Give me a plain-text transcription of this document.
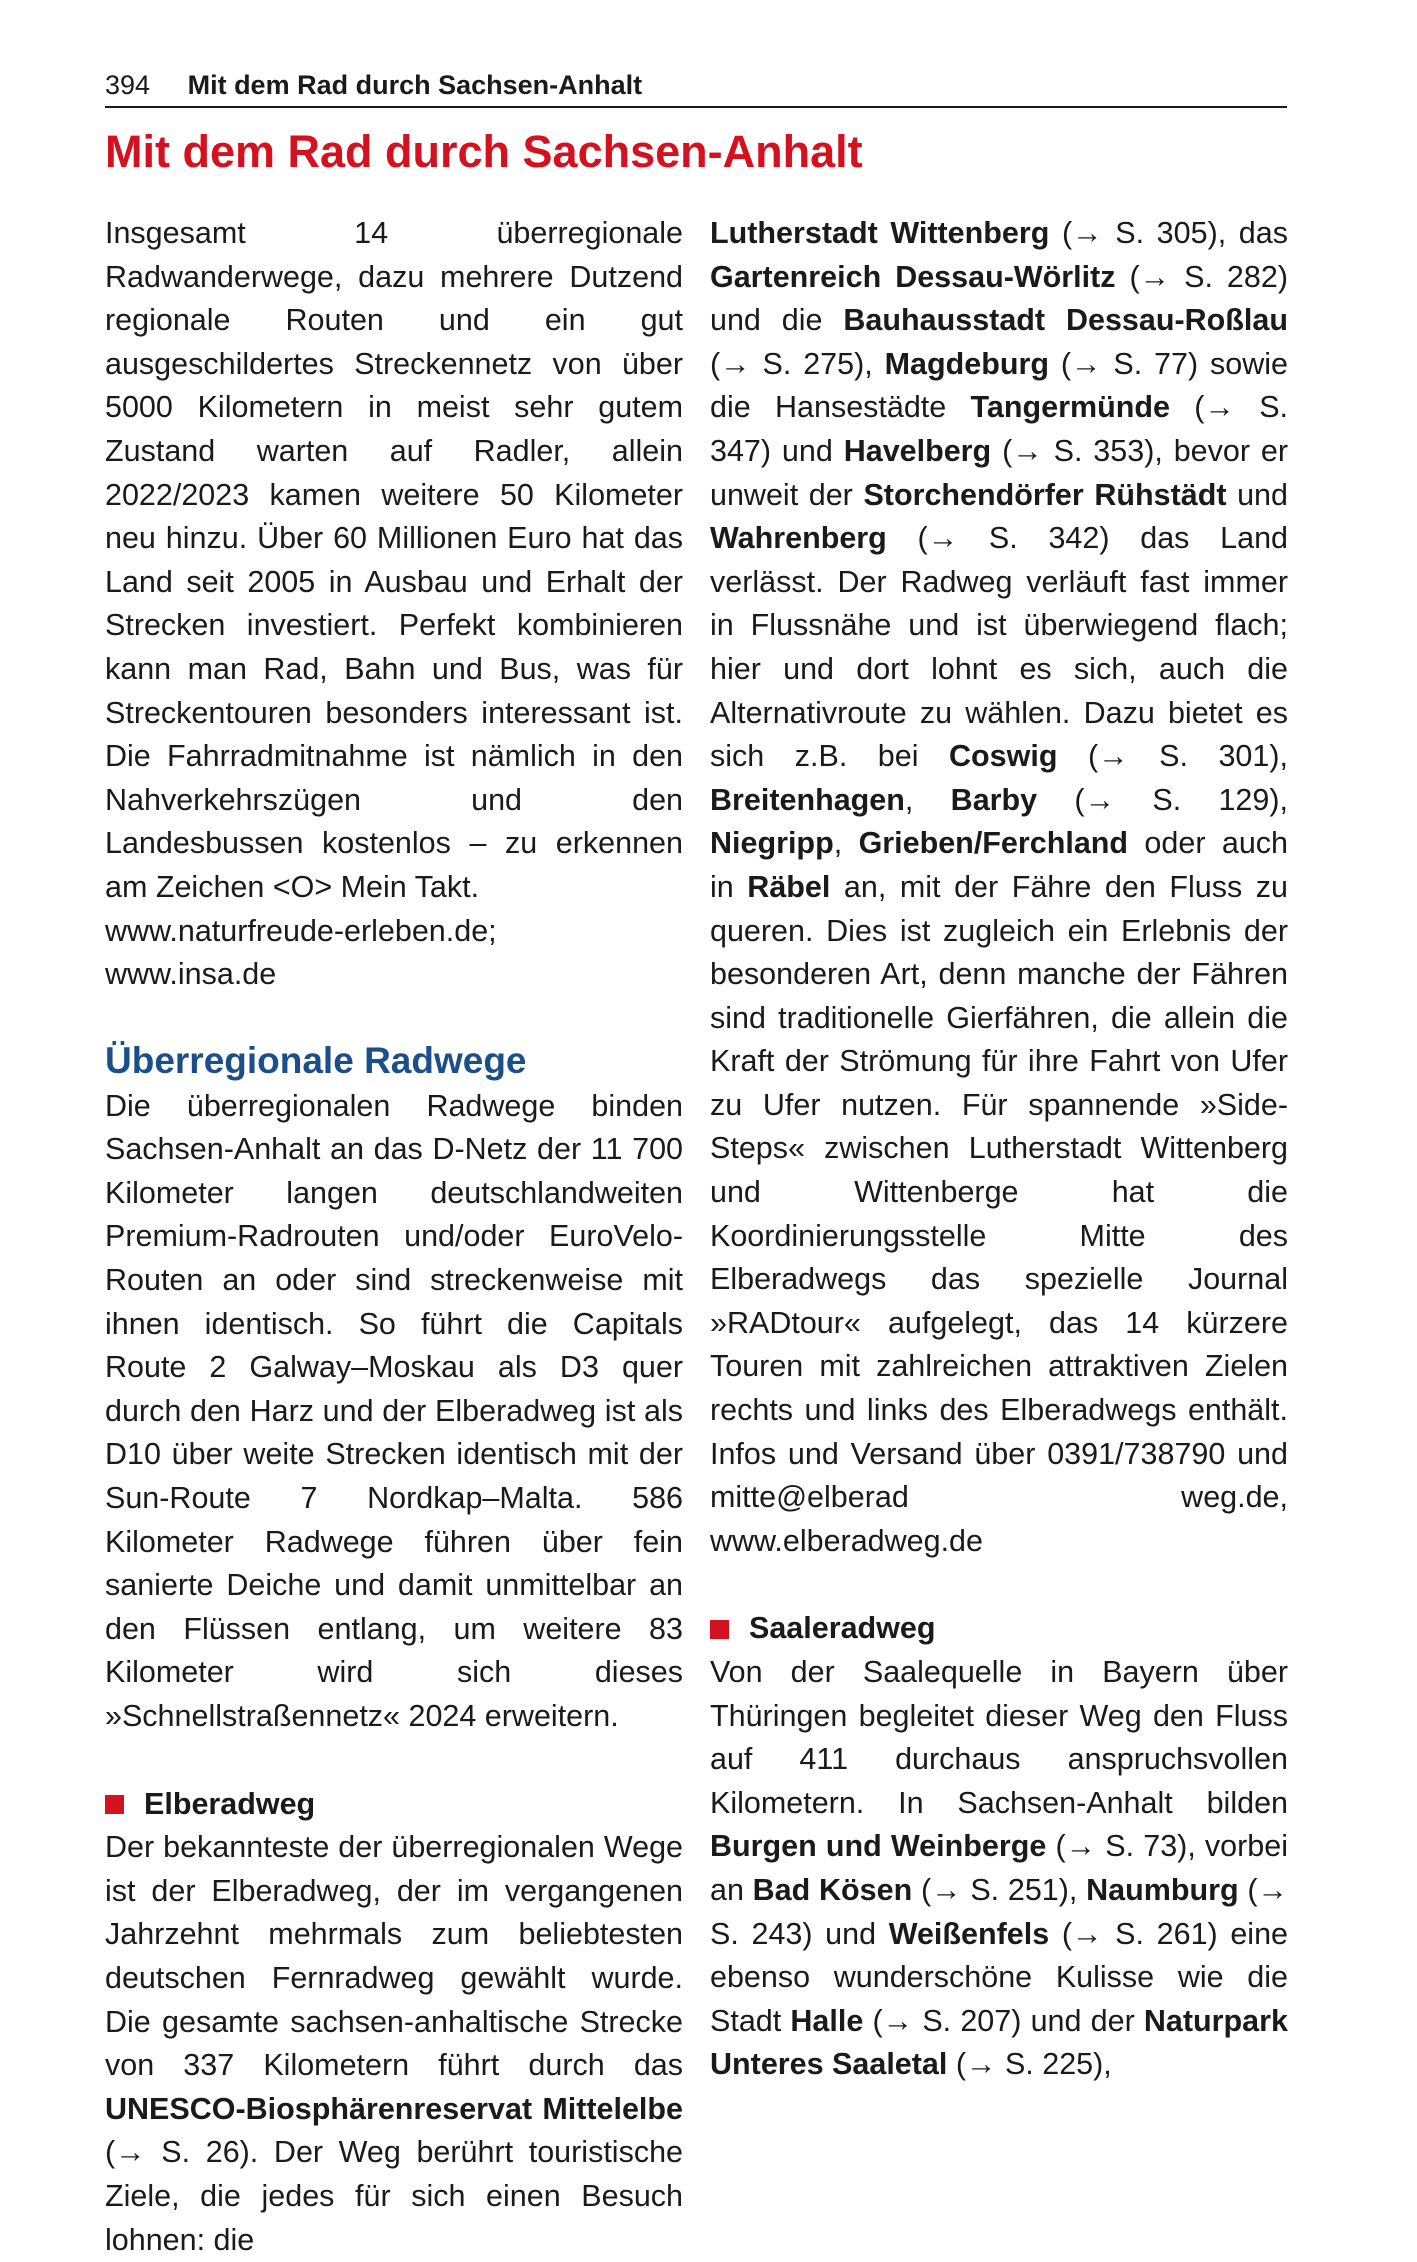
394 Mit dem Rad durch Sachsen-Anhalt
Mit dem Rad durch Sachsen-Anhalt

Insgesamt 14 überregionale Radwanderwege, dazu mehrere Dutzend regionale Routen und ein gut ausgeschildertes Streckennetz von über 5000 Kilometern in meist sehr gutem Zustand warten auf Radler, allein 2022/2023 kamen weitere 50 Kilometer neu hinzu. Über 60 Millionen Euro hat das Land seit 2005 in Ausbau und Erhalt der Strecken investiert. Perfekt kombinieren kann man Rad, Bahn und Bus, was für Streckentouren besonders interessant ist. Die Fahrradmitnahme ist nämlich in den Nahverkehrszügen und den Landesbussen kostenlos – zu erkennen am Zeichen <O> Mein Takt.
www.naturfreude-erleben.de;
www.insa.de

Überregionale Radwege

Die überregionalen Radwege binden Sachsen-Anhalt an das D-Netz der 11 700 Kilometer langen deutschlandweiten Premium-Radrouten und/oder EuroVelo-Routen an oder sind streckenweise mit ihnen identisch. So führt die Capitals Route 2 Galway–Moskau als D3 quer durch den Harz und der Elberadweg ist als D10 über weite Strecken identisch mit der Sun-Route 7 Nordkap–Malta. 586 Kilometer Radwege führen über fein sanierte Deiche und damit unmittelbar an den Flüssen entlang, um weitere 83 Kilometer wird sich dieses »Schnellstraßennetz« 2024 erweitern.

Elberadweg

Der bekannteste der überregionalen Wege ist der Elberadweg, der im vergangenen Jahrzehnt mehrmals zum beliebtesten deutschen Fernradweg gewählt wurde. Die gesamte sachsen-anhaltische Strecke von 337 Kilometern führt durch das UNESCO-Biosphärenreservat Mittelelbe (→ S. 26). Der Weg berührt touristische Ziele, die jedes für sich einen Besuch lohnen: die

Lutherstadt Wittenberg (→ S. 305), das Gartenreich Dessau-Wörlitz (→ S. 282) und die Bauhausstadt Dessau-Roßlau (→ S. 275), Magdeburg (→ S. 77) sowie die Hansestädte Tangermünde (→ S. 347) und Havelberg (→ S. 353), bevor er unweit der Storchendörfer Rühstädt und Wahrenberg (→ S. 342) das Land verlässt. Der Radweg verläuft fast immer in Flussnähe und ist überwiegend flach; hier und dort lohnt es sich, auch die Alternativroute zu wählen. Dazu bietet es sich z.B. bei Coswig (→ S. 301), Breitenhagen, Barby (→ S. 129), Niegripp, Grieben/Ferchland oder auch in Räbel an, mit der Fähre den Fluss zu queren. Dies ist zugleich ein Erlebnis der besonderen Art, denn manche der Fähren sind traditionelle Gierfähren, die allein die Kraft der Strömung für ihre Fahrt von Ufer zu Ufer nutzen. Für spannende »Side-Steps« zwischen Lutherstadt Wittenberg und Wittenberge hat die Koordinierungsstelle Mitte des Elberadwegs das spezielle Journal »RADtour« aufgelegt, das 14 kürzere Touren mit zahlreichen attraktiven Zielen rechts und links des Elberadwegs enthält. Infos und Versand über 0391/738790 und mitte@elberad weg.de, www.elberadweg.de

Saaleradweg

Von der Saalequelle in Bayern über Thüringen begleitet dieser Weg den Fluss auf 411 durchaus anspruchsvollen Kilometern. In Sachsen-Anhalt bilden Burgen und Weinberge (→ S. 73), vorbei an Bad Kösen (→ S. 251), Naumburg (→ S. 243) und Weißenfels (→ S. 261) eine ebenso wunderschöne Kulisse wie die Stadt Halle (→ S. 207) und der Naturpark Unteres Saaletal (→ S. 225),
